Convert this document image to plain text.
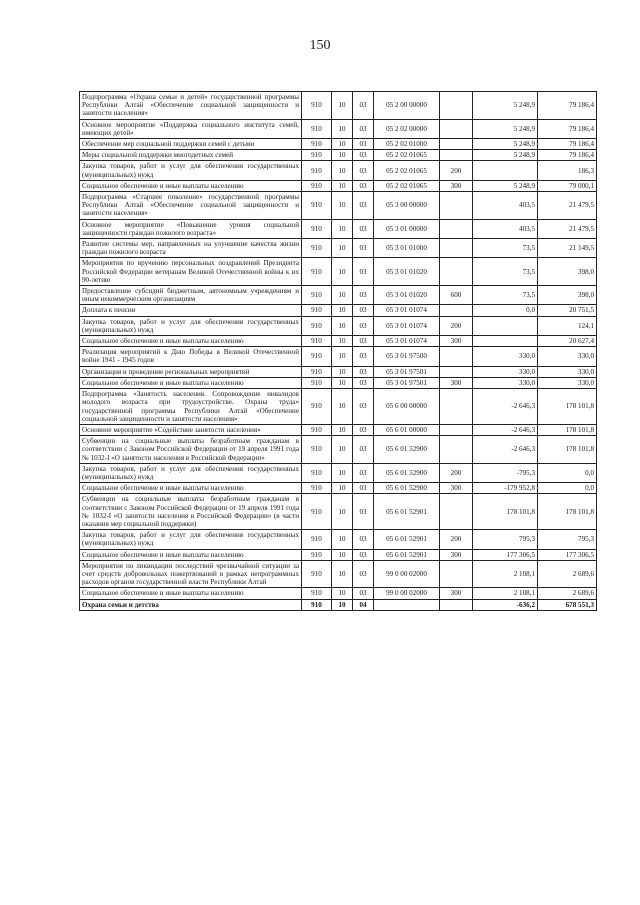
150
Подпрограмма «Охрана семьи и детей» государственной программы Республики Алтай «Обеспечение социальной защищенности и занятости населения»	910	10	03	05 2 00 00000		5 248,9	79 186,4
Основное мероприятие «Поддержка социального института семей, имеющих детей»	910	10	03	05 2 02 00000		5 248,9	79 186,4
Обеспечение мер социальной поддержки семей с детьми	910	10	03	05 2 02 01000		5 248,9	79 186,4
Меры социальной поддержки многодетных семей	910	10	03	05 2 02 01065		5 248,9	79 186,4
Закупка товаров, работ и услуг для обеспечения государственных (муниципальных) нужд	910	10	03	05 2 02 01065	200		186,3
Социальное обеспечение и иные выплаты населению	910	10	03	05 2 02 01065	300	5 248,9	79 000,1
Подпрограмма «Старшее поколение» государственной программы Республики Алтай «Обеспечение социальной защищенности и занятости населения»	910	10	03	05 3 00 00000		403,5	21 479,5
Основное мероприятие «Повышение уровня социальной защищенности граждан пожилого возраста»	910	10	03	05 3 01 00000		403,5	21 479,5
Развитие системы мер, направленных на улучшение качества жизни граждан пожилого возраста	910	10	03	05 3 01 01000		73,5	21 149,5
Мероприятия по вручению персональных поздравлений Президента Российской Федерации ветеранам Великой Отечественной войны к их 90-летию	910	10	03	05 3 01 01020		73,5	398,0
Предоставление субсидий бюджетным, автономным учреждениям и иным некоммерческим организациям	910	10	03	05 3 01 01020	600	73,5	398,0
Доплата к пенсии	910	10	03	05 3 01 01074		0,0	20 751,5
Закупка товаров, работ и услуг для обеспечения государственных (муниципальных) нужд	910	10	03	05 3 01 01074	200		124,1
Социальное обеспечение и иные выплаты населению	910	10	03	05 3 01 01074	300		20 627,4
Реализация мероприятий к Дню Победы в Великой Отечественной войне 1941 - 1945 годов	910	10	03	05 3 01 97500		330,0	330,0
Организация и проведение региональных мероприятий	910	10	03	05 3 01 97501		330,0	330,0
Социальное обеспечение и иные выплаты населению	910	10	03	05 3 01 97501	300	330,0	330,0
Подпрограмма «Занятость населения. Сопровождение инвалидов молодого возраста при трудоустройстве. Охрана труда» государственной программы Республики Алтай «Обеспечение социальной защищенности и занятости населения»	910	10	03	05 6 00 00000		-2 646,3	178 101,8
Основное мероприятие «Содействие занятости населения»	910	10	03	05 6 01 00000		-2 646,3	178 101,8
Субвенции на социальные выплаты безработным гражданам в соответствии с Законом Российской Федерации от 19 апреля 1991 года № 1032-I «О занятости населения в Российской Федерации»	910	10	03	05 6 01 52900		-2 646,3	178 101,8
Закупка товаров, работ и услуг для обеспечения государственных (муниципальных) нужд	910	10	03	05 6 01 52900	200	-795,3	0,0
Социальное обеспечение и иные выплаты населению	910	10	03	05 6 01 52900	300	-179 952,8	0,0
Субвенции на социальные выплаты безработным гражданам в соответствии с Законом Российской Федерации от 19 апреля 1991 года № 1032-I «О занятости населения в Российской Федерации» (в части оказания мер социальной поддержки)	910	10	03	05 6 01 52901		178 101,8	178 101,8
Закупка товаров, работ и услуг для обеспечения государственных (муниципальных) нужд	910	10	03	05 6 01 52901	200	795,3	795,3
Социальное обеспечение и иные выплаты населению	910	10	03	05 6 01 52901	300	177 306,5	177 306,5
Мероприятия по ликвидации последствий чрезвычайной ситуации за счет средств добровольных пожертвований в рамках непрограммных расходов органов государственной власти Республики Алтай	910	10	03	99 0 00 02000		2 108,1	2 689,6
Социальное обеспечение и иные выплаты населению	910	10	03	99 0 00 02000	300	2 108,1	2 689,6
Охрана семьи и детства	910	10	04			-636,2	678 551,3
